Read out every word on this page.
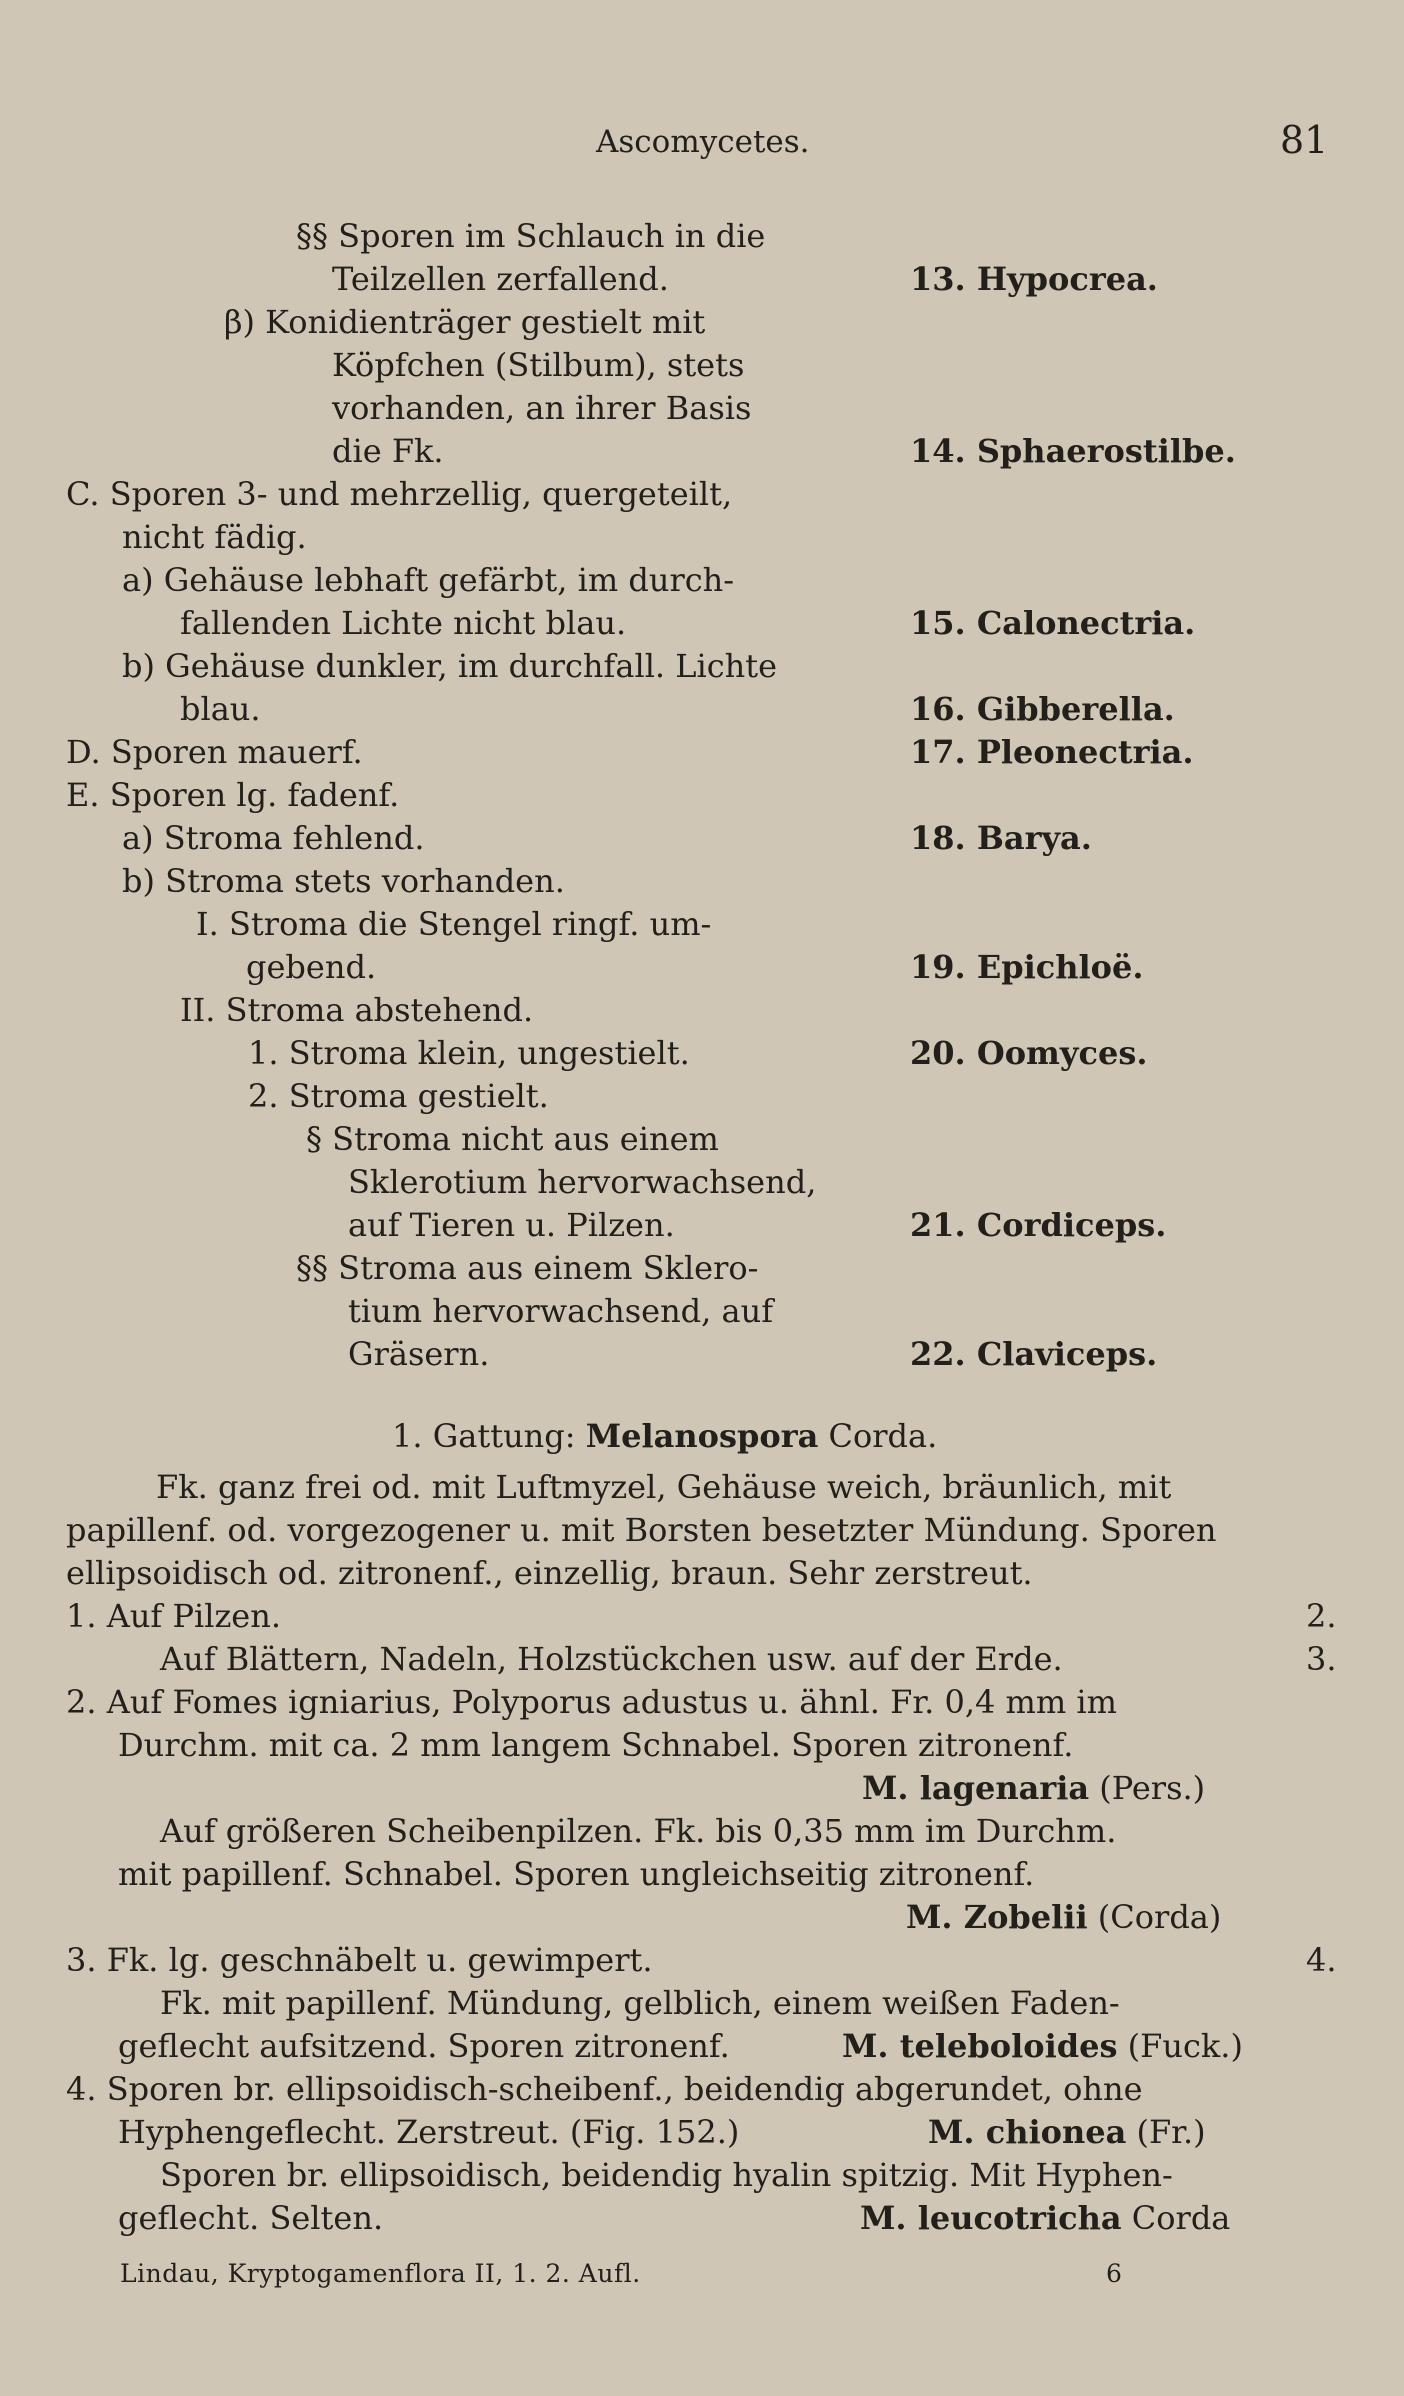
Ascomycetes.	81
§§ Sporen im Schlauch in die
Teilzellen zerfallend.	13. Hypocrea.
β) Konidienträger gestielt mit
Köpfchen (Stilbum), stets
vorhanden, an ihrer Basis
die Fk.	14. Sphaerostilbe.
C. Sporen 3- und mehrzellig, quergeteilt,
nicht fädig.
a) Gehäuse lebhaft gefärbt, im durch-
fallenden Lichte nicht blau.	15. Calonectria.
b) Gehäuse dunkler, im durchfall. Lichte
blau.	16. Gibberella.
D. Sporen mauerf.	17. Pleonectria.
E. Sporen lg. fadenf.
a) Stroma fehlend.	18. Barya.
b) Stroma stets vorhanden.
I. Stroma die Stengel ringf. um-
gebend.	19. Epichloë.
II. Stroma abstehend.
1. Stroma klein, ungestielt.	20. Oomyces.
2. Stroma gestielt.
§ Stroma nicht aus einem
Sklerotium hervorwachsend,
auf Tieren u. Pilzen.	21. Cordiceps.
§§ Stroma aus einem Sklero-
tium hervorwachsend, auf
Gräsern.	22. Claviceps.
1. Gattung: Melanospora Corda.
Fk. ganz frei od. mit Luftmyzel, Gehäuse weich, bräunlich, mit
papillenf. od. vorgezogener u. mit Borsten besetzter Mündung. Sporen
ellipsoidisch od. zitronenf., einzellig, braun. Sehr zerstreut.
1. Auf Pilzen.	2.
Auf Blättern, Nadeln, Holzstückchen usw. auf der Erde.	3.
2. Auf Fomes igniarius, Polyporus adustus u. ähnl. Fr. 0,4 mm im
Durchm. mit ca. 2 mm langem Schnabel. Sporen zitronenf.
M. lagenaria (Pers.)
Auf größeren Scheibenpilzen. Fk. bis 0,35 mm im Durchm.
mit papillenf. Schnabel. Sporen ungleichseitig zitronenf.
M. Zobelii (Corda)
3. Fk. lg. geschnäbelt u. gewimpert.	4.
Fk. mit papillenf. Mündung, gelblich, einem weißen Faden-
geflecht aufsitzend. Sporen zitronenf.	M. teleboloides (Fuck.)
4. Sporen br. ellipsoidisch-scheibenf., beidendig abgerundet, ohne
Hyphengeflecht. Zerstreut. (Fig. 152.)	M. chionea (Fr.)
Sporen br. ellipsoidisch, beidendig hyalin spitzig. Mit Hyphen-
geflecht. Selten.	M. leucotricha Corda
Lindau, Kryptogamenflora II, 1. 2. Aufl.	6
